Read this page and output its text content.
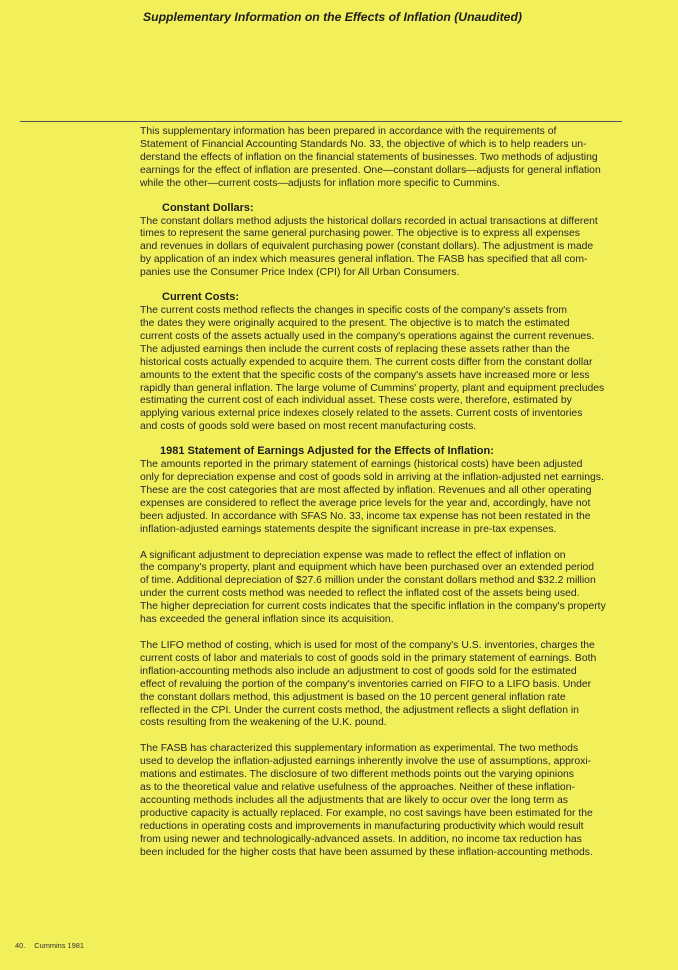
Supplementary Information on the Effects of Inflation (Unaudited)
This supplementary information has been prepared in accordance with the requirements of
Statement of Financial Accounting Standards No. 33, the objective of which is to help readers un-
derstand the effects of inflation on the financial statements of businesses. Two methods of adjusting
earnings for the effect of inflation are presented. One—constant dollars—adjusts for general inflation
while the other—current costs—adjusts for inflation more specific to Cummins.
Constant Dollars:
The constant dollars method adjusts the historical dollars recorded in actual transactions at different
times to represent the same general purchasing power. The objective is to express all expenses
and revenues in dollars of equivalent purchasing power (constant dollars). The adjustment is made
by application of an index which measures general inflation. The FASB has specified that all com-
panies use the Consumer Price Index (CPI) for All Urban Consumers.
Current Costs:
The current costs method reflects the changes in specific costs of the company's assets from
the dates they were originally acquired to the present. The objective is to match the estimated
current costs of the assets actually used in the company's operations against the current revenues.
The adjusted earnings then include the current costs of replacing these assets rather than the
historical costs actually expended to acquire them. The current costs differ from the constant dollar
amounts to the extent that the specific costs of the company's assets have increased more or less
rapidly than general inflation. The large volume of Cummins' property, plant and equipment precludes
estimating the current cost of each individual asset. These costs were, therefore, estimated by
applying various external price indexes closely related to the assets. Current costs of inventories
and costs of goods sold were based on most recent manufacturing costs.
1981 Statement of Earnings Adjusted for the Effects of Inflation:
The amounts reported in the primary statement of earnings (historical costs) have been adjusted
only for depreciation expense and cost of goods sold in arriving at the inflation-adjusted net earnings.
These are the cost categories that are most affected by inflation. Revenues and all other operating
expenses are considered to reflect the average price levels for the year and, accordingly, have not
been adjusted. In accordance with SFAS No. 33, income tax expense has not been restated in the
inflation-adjusted earnings statements despite the significant increase in pre-tax expenses.
A significant adjustment to depreciation expense was made to reflect the effect of inflation on
the company's property, plant and equipment which have been purchased over an extended period
of time. Additional depreciation of $27.6 million under the constant dollars method and $32.2 million
under the current costs method was needed to reflect the inflated cost of the assets being used.
The higher depreciation for current costs indicates that the specific inflation in the company's property
has exceeded the general inflation since its acquisition.
The LIFO method of costing, which is used for most of the company's U.S. inventories, charges the
current costs of labor and materials to cost of goods sold in the primary statement of earnings. Both
inflation-accounting methods also include an adjustment to cost of goods sold for the estimated
effect of revaluing the portion of the company's inventories carried on FIFO to a LIFO basis. Under
the constant dollars method, this adjustment is based on the 10 percent general inflation rate
reflected in the CPI. Under the current costs method, the adjustment reflects a slight deflation in
costs resulting from the weakening of the U.K. pound.
The FASB has characterized this supplementary information as experimental. The two methods
used to develop the inflation-adjusted earnings inherently involve the use of assumptions, approxi-
mations and estimates. The disclosure of two different methods points out the varying opinions
as to the theoretical value and relative usefulness of the approaches. Neither of these inflation-
accounting methods includes all the adjustments that are likely to occur over the long term as
productive capacity is actually replaced. For example, no cost savings have been estimated for the
reductions in operating costs and improvements in manufacturing productivity which would result
from using newer and technologically-advanced assets. In addition, no income tax reduction has
been included for the higher costs that have been assumed by these inflation-accounting methods.
40. Cummins 1981
